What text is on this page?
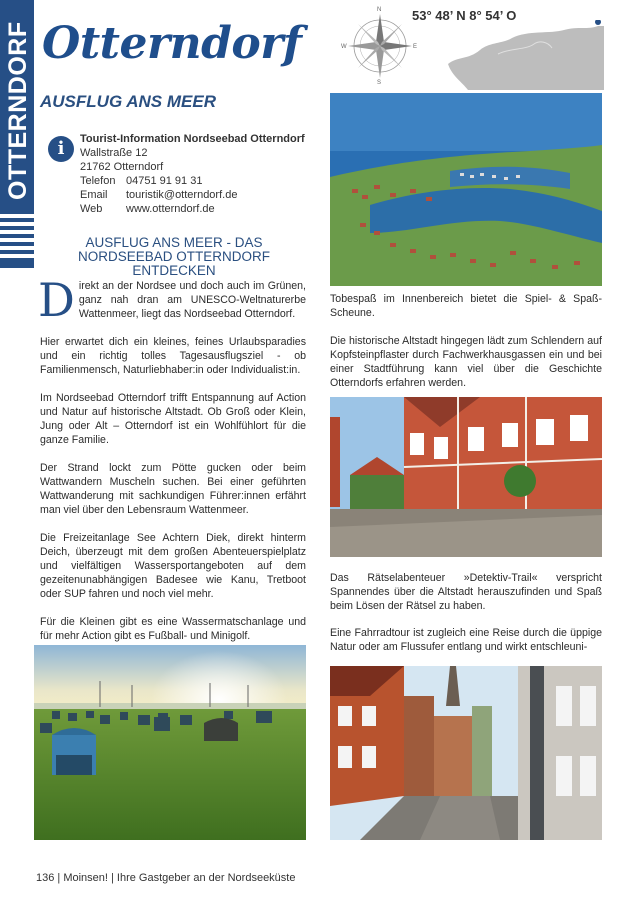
OTTERNDORF Otterndorf
AUSFLUG ANS MEER
N
S
W	E
53° 48’ N 8° 54’ O
i	Tourist-Information Nordseebad Otterndorf
Wallstraße 12
21762 Otterndorf
Telefon 04751 91 91 31
Email	touristik@otterndorf.de
Web	www.otterndorf.de
AUSFLUG ANS MEER - DAS NORDSEEBAD OTTERNDORF ENTDECKEN

D irekt an der Nordsee und doch auch im Grünen, ganz nah dran am UNESCO-Weltnaturerbe Wattenmeer, liegt das Nordseebad Otterndorf.

Hier erwartet dich ein kleines, feines Urlaubsparadies und ein richtig tolles Tagesausflugsziel - ob Familienmensch, Naturliebhaber:in oder Individualist:in.

Im Nordseebad Otterndorf trifft Entspannung auf Action und Natur auf historische Altstadt. Ob Groß oder Klein, Jung oder Alt – Otterndorf ist ein Wohlfühlort für die ganze Familie.

Der Strand lockt zum Pötte gucken oder beim Wattwandern Muscheln suchen. Bei einer geführten Wattwanderung mit sachkundigen Führer:innen erfährt man viel über den Lebensraum Wattenmeer.

Die Freizeitanlage See Achtern Diek, direkt hinterm Deich, überzeugt mit dem großen Abenteuerspielplatz und vielfältigen Wassersportangeboten auf dem gezeitenunabhängigen Badesee wie Kanu, Tretboot oder SUP fahren und noch viel mehr.

Für die Kleinen gibt es eine Wassermatschanlage und für mehr Action gibt es Fußball- und Minigolf.

Tobespaß im Innenbereich bietet die Spiel- & Spaß-Scheune.
Die historische Altstadt hingegen lädt zum Schlendern auf Kopfsteinpflaster durch Fachwerkhausgassen ein und bei einer Stadtführung kann viel über die Geschichte Otterndorfs erfahren werden.
Das Rätselabenteuer »Detektiv-Trail« verspricht Spannendes über die Altstadt herauszufinden und Spaß beim Lösen der Rätsel zu haben.
Eine Fahrradtour ist zugleich eine Reise durch die üppige Natur oder am Flussufer entlang und wirkt entschleuni-
136 | Moinsen! | Ihre Gastgeber an der Nordseeküste
